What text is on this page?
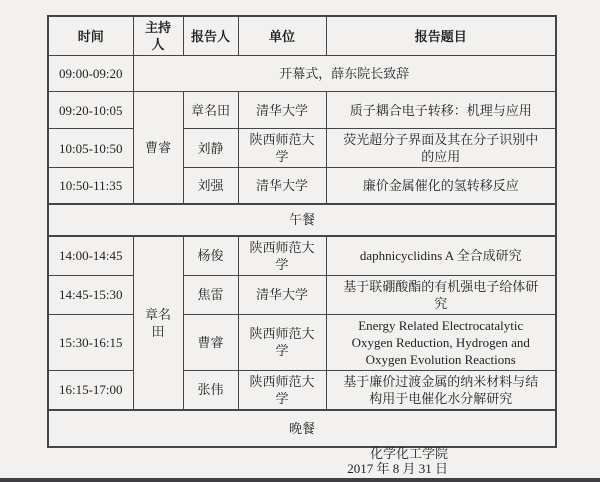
时间	主持人	报告人	单位	报告题目
09:00-09:20	开幕式，薛东院长致辞			
09:20-10:05	曹睿	章名田	清华大学	质子耦合电子转移：机理与应用
10:05-10:50		刘静	陕西师范大学	荧光超分子界面及其在分子识别中的应用
10:50-11:35		刘强	清华大学	廉价金属催化的氢转移反应
午餐				
14:00-14:45	章名田	杨俊	陕西师范大学	daphnicyclidins A 全合成研究
14:45-15:30		焦雷	清华大学	基于联硼酸酯的有机强电子给体研究
15:30-16:15		曹睿	陕西师范大学	Energy Related Electrocatalytic Oxygen Reduction, Hydrogen and Oxygen Evolution Reactions
16:15-17:00		张伟	陕西师范大学	基于廉价过渡金属的纳米材料与结构用于电催化水分解研究
晚餐				
化学化工学院
2017 年 8 月 31 日
